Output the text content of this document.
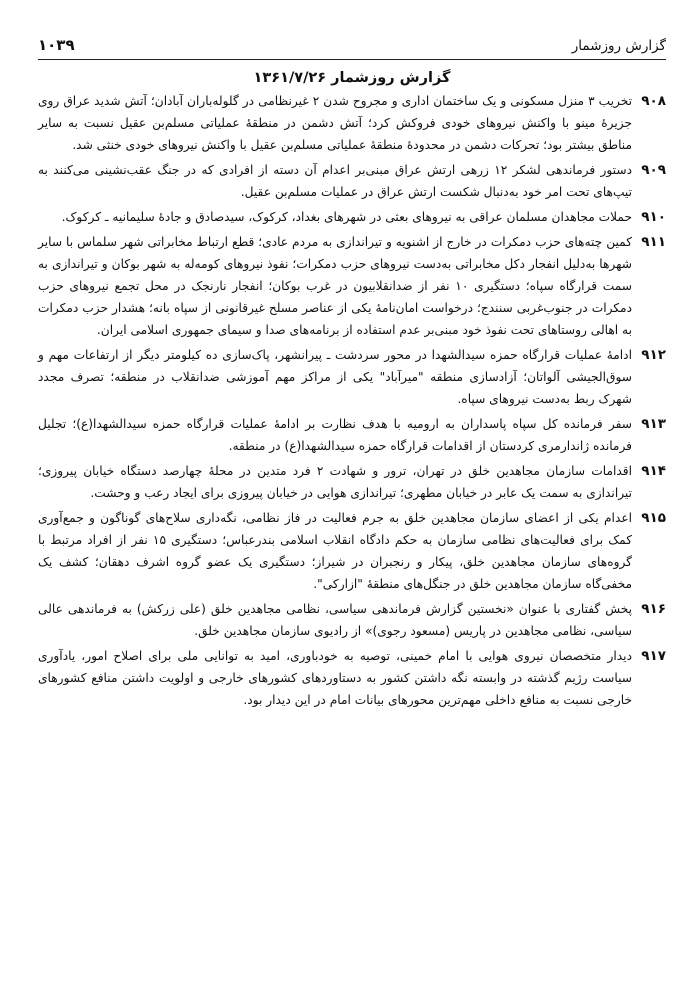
گزارش روزشمار
۱۰۳۹
گزارش روزشمار ۱۳۶۱/۷/۲۶
۹۰۸
تخریب ۳ منزل مسکونی و یک ساختمان اداری و مجروح شدن ۲ غیرنظامی در گلوله‌باران آبادان؛ آتش شدید عراق روی جزیرهٔ مینو با واکنش نیروهای خودی فروکش کرد؛ آتش دشمن در منطقهٔ عملیاتی مسلم‌بن عقیل نسبت به سایر مناطق بیشتر بود؛ تحرکات دشمن در محدودهٔ منطقهٔ عملیاتی مسلم‌بن عقیل با واکنش نیروهای خودی خنثی شد.
۹۰۹
دستور فرماندهی لشکر ۱۲ زرهی ارتش عراق مبنی‌بر اعدام آن دسته از افرادی که در جنگ عقب‌نشینی می‌کنند به تیپ‌های تحت امر خود به‌دنبال شکست ارتش عراق در عملیات مسلم‌بن عقیل.
۹۱۰
حملات مجاهدان مسلمان عراقی به نیروهای بعثی در شهرهای بغداد، کرکوک، سیدصادق و جادهٔ سلیمانیه ـ کرکوک.
۹۱۱
کمین چته‌های حزب دمکرات در خارج از اشنویه و تیراندازی به مردم عادی؛ قطع ارتباط مخابراتی شهر سلماس با سایر شهرها به‌دلیل انفجار دکل مخابراتی به‌دست نیروهای حزب دمکرات؛ نفوذ نیروهای کومه‌له به شهر بوکان و تیراندازی به سمت قرارگاه سپاه؛ دستگیری ۱۰ نفر از ضدانقلابیون در غرب بوکان؛ انفجار نارنجک در محل تجمع نیروهای حزب دمکرات در جنوب‌غربی سنندج؛ درخواست امان‌نامهٔ یکی از عناصر مسلح غیرقانونی از سپاه بانه؛ هشدار حزب دمکرات به اهالی روستاهای تحت نفوذ خود مبنی‌بر عدم استفاده از برنامه‌های صدا و سیمای جمهوری اسلامی ایران.
۹۱۲
ادامهٔ عملیات قرارگاه حمزه سیدالشهدا در محور سردشت ـ پیرانشهر، پاک‌سازی ده کیلومتر دیگر از ارتفاعات مهم و سوق‌الجیشی آلواتان؛ آزادسازی منطقه "میرآباد" یکی از مراکز مهم آموزشی ضدانقلاب در منطقه؛ تصرف مجدد شهرک ربط به‌دست نیروهای سپاه.
۹۱۳
سفر فرمانده کل سپاه پاسداران به ارومیه با هدف نظارت بر ادامهٔ عملیات قرارگاه حمزه سیدالشهدا(ع)؛ تجلیل فرمانده ژاندارمری کردستان از اقدامات قرارگاه حمزه سیدالشهدا(ع) در منطقه.
۹۱۴
اقدامات سازمان مجاهدین خلق در تهران، ترور و شهادت ۲ فرد متدین در محلهٔ چهارصد دستگاه خیابان پیروزی؛ تیراندازی به سمت یک عابر در خیابان مطهری؛ تیراندازی هوایی در خیابان پیروزی برای ایجاد رعب و وحشت.
۹۱۵
اعدام یکی از اعضای سازمان مجاهدین خلق به جرم فعالیت در فاز نظامی، نگه‌داری سلاح‌های گوناگون و جمع‌آوری کمک برای فعالیت‌های نظامی سازمان به حکم دادگاه انقلاب اسلامی بندرعباس؛ دستگیری ۱۵ نفر از افراد مرتبط با گروه‌های سازمان مجاهدین خلق، پیکار و رنجبران در شیراز؛ دستگیری یک عضو گروه اشرف دهقان؛ کشف یک مخفی‌گاه سازمان مجاهدین خلق در جنگل‌های منطقهٔ "ازارکی".
۹۱۶
پخش گفتاری با عنوان «نخستین گزارش فرماندهی سیاسی، نظامی مجاهدین خلق (علی زرکش) به فرماندهی عالی سیاسی، نظامی مجاهدین در پاریس (مسعود رجوی)» از رادیوی سازمان مجاهدین خلق.
۹۱۷
دیدار متخصصان نیروی هوایی با امام خمینی، توصیه به خودباوری، امید به توانایی ملی برای اصلاح امور، یادآوری سیاست رژیم گذشته در وابسته نگه داشتن کشور به دستاوردهای کشورهای خارجی و اولویت داشتن منافع کشورهای خارجی نسبت به منافع داخلی مهم‌ترین محورهای بیانات امام در این دیدار بود.
